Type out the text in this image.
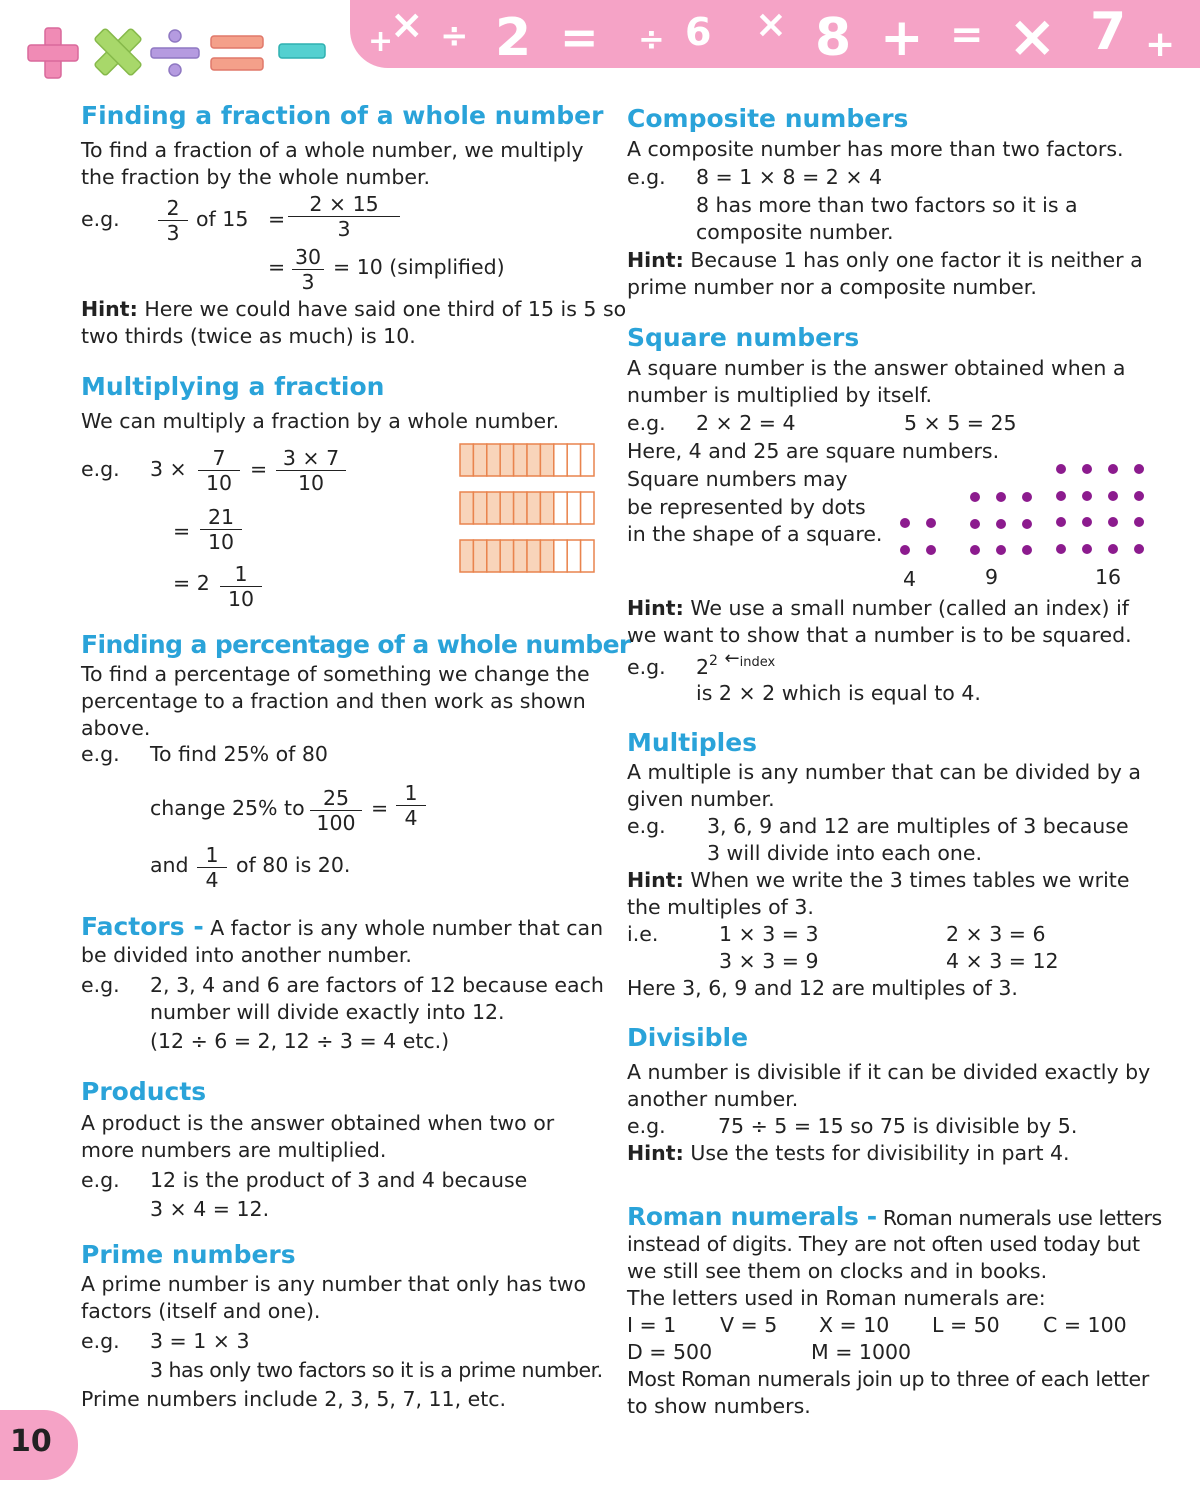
+
× ÷ 2 = ÷ 6 × 8 + = × 7 +
Finding a fraction of a whole number
To find a fraction of a whole number, we multiply
the fraction by the whole number.
e.g. $\frac{2}{3}$ of $15 = \frac{2 \times 15}{3}$
= $\frac{30}{3} = 10$ (simplified)
Hint: Here we could have said one third of 15 is 5 so
two thirds (twice as much) is 10.
Multiplying a fraction
We can multiply a fraction by a whole number.
e.g. $3 \times \frac{7}{10} = \frac{3 \times 7}{10}$
= $\frac{21}{10}$
= $2 \frac{1}{10}$
Finding a percentage of a whole number
To find a percentage of something we change the
percentage to a fraction and then work as shown
above.
e.g. To find 25% of 80
change 25% to $\frac{25}{100} = \frac{1}{4}$
and $\frac{1}{4}$ of 80 is 20.
Factors - A factor is any whole number that can
be divided into another number.
e.g. 2, 3, 4 and 6 are factors of 12 because each
number will divide exactly into 12.
(12 ÷ 6 = 2, 12 ÷ 3 = 4 etc.)
Products
A product is the answer obtained when two or
more numbers are multiplied.
e.g. 12 is the product of 3 and 4 because
3 × 4 = 12.
Prime numbers
A prime number is any number that only has two
factors (itself and one).
e.g. 3 = 1 × 3
3 has only two factors so it is a prime number.
Prime numbers include 2, 3, 5, 7, 11, etc.
Composite numbers
A composite number has more than two factors.
e.g. 8 = 1 × 8 = 2 × 4
8 has more than two factors so it is a
composite number.
Hint: Because 1 has only one factor it is neither a
prime number nor a composite number.
Square numbers
A square number is the answer obtained when a
number is multiplied by itself.
e.g. 2 × 2 = 4	5 × 5 = 25
Here, 4 and 25 are square numbers.
Square numbers may
be represented by dots
in the shape of a square.
4	9	16
Hint: We use a small number (called an index) if
we want to show that a number is to be squared.
e.g. $2^2$ ←$^{index}$
is 2 × 2 which is equal to 4.
Multiples
A multiple is any number that can be divided by a
given number.
e.g. 3, 6, 9 and 12 are multiples of 3 because
3 will divide into each one.
Hint: When we write the 3 times tables we write
the multiples of 3.
i.e.	1 × 3 = 3	2 × 3 = 6
3 × 3 = 9	4 × 3 = 12
Here 3, 6, 9 and 12 are multiples of 3.
Divisible
A number is divisible if it can be divided exactly by
another number.
e.g.	75 ÷ 5 = 15 so 75 is divisible by 5.
Hint: Use the tests for divisibility in part 4.
Roman numerals - Roman numerals use letters
instead of digits. They are not often used today but
we still see them on clocks and in books.
The letters used in Roman numerals are:
I = 1 V = 5 X = 10 L = 50 C = 100
D = 500	M = 1000
Most Roman numerals join up to three of each letter
to show numbers.
10
